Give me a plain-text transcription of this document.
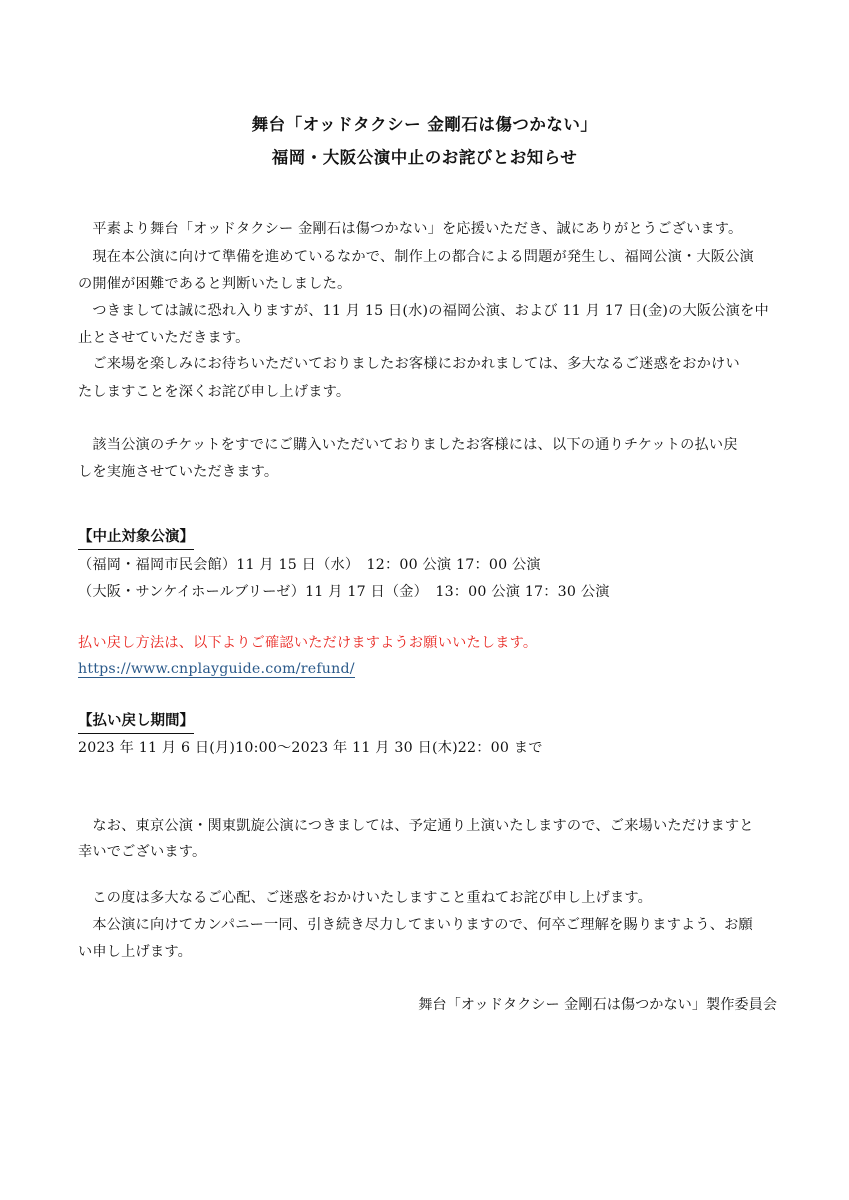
舞台「オッドタクシー 金剛石は傷つかない」
福岡・大阪公演中止のお詫びとお知らせ
　平素より舞台「オッドタクシー 金剛石は傷つかない」を応援いただき、誠にありがとうございます。
　現在本公演に向けて準備を進めているなかで、制作上の都合による問題が発生し、福岡公演・大阪公演
の開催が困難であると判断いたしました。
　つきましては誠に恐れ入りますが、11 月 15 日(水)の福岡公演、および 11 月 17 日(金)の大阪公演を中
止とさせていただきます。
　ご来場を楽しみにお待ちいただいておりましたお客様におかれましては、多大なるご迷惑をおかけい
たしますことを深くお詫び申し上げます。
　該当公演のチケットをすでにご購入いただいておりましたお客様には、以下の通りチケットの払い戻
しを実施させていただきます。
【中止対象公演】
（福岡・福岡市民会館）11 月 15 日（水）　12：00 公演 17：00 公演
（大阪・サンケイホールブリーゼ）11 月 17 日（金）　13：00 公演 17：30 公演
払い戻し方法は、以下よりご確認いただけますようお願いいたします。
https://www.cnplayguide.com/refund/
【払い戻し期間】
2023 年 11 月 6 日(月)10:00～2023 年 11 月 30 日(木)22：00 まで
　なお、東京公演・関東凱旋公演につきましては、予定通り上演いたしますので、ご来場いただけますと
幸いでございます。
　この度は多大なるご心配、ご迷惑をおかけいたしますこと重ねてお詫び申し上げます。
　本公演に向けてカンパニー一同、引き続き尽力してまいりますので、何卒ご理解を賜りますよう、お願
い申し上げます。
舞台「オッドタクシー 金剛石は傷つかない」製作委員会
